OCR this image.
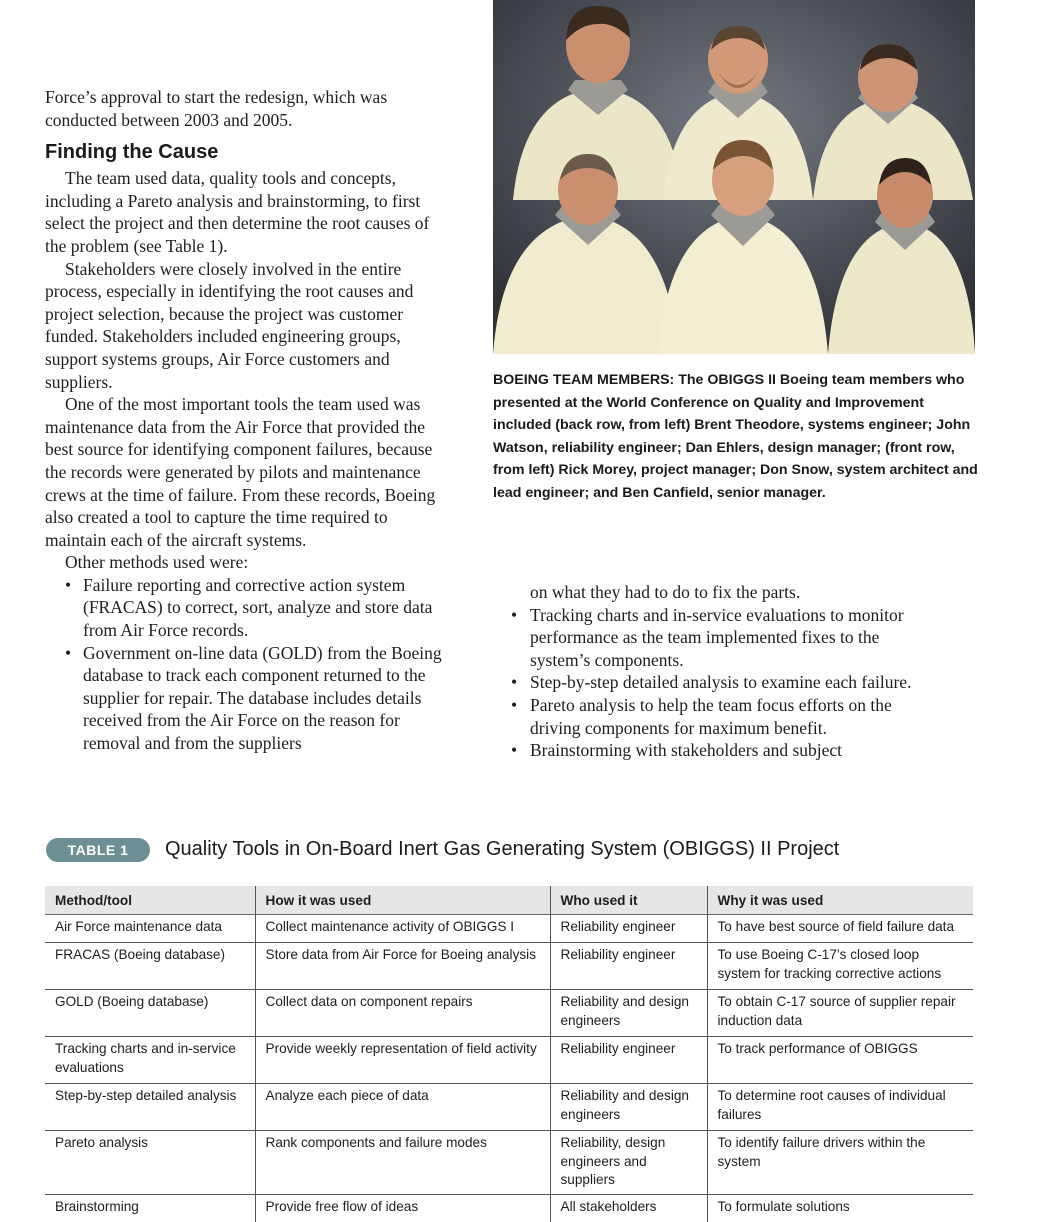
Force’s approval to start the redesign, which was conducted between 2003 and 2005.

Finding the Cause

The team used data, quality tools and concepts, including a Pareto analysis and brainstorming, to first select the project and then determine the root causes of the problem (see Table 1).

Stakeholders were closely involved in the entire process, especially in identifying the root causes and project selection, because the project was customer funded. Stakeholders included engineering groups, support systems groups, Air Force customers and suppliers.

One of the most important tools the team used was maintenance data from the Air Force that provided the best source for identifying component failures, because the records were generated by pilots and maintenance crews at the time of failure. From these records, Boeing also created a tool to capture the time required to maintain each of the aircraft systems.

Other methods used were:

• Failure reporting and corrective action system (FRACAS) to correct, sort, analyze and store data from Air Force records.
• Government on-line data (GOLD) from the Boeing database to track each component returned to the supplier for repair. The database includes details received from the Air Force on the reason for removal and from the suppliers
BOEING TEAM MEMBERS: The OBIGGS II Boeing team members who presented at the World Conference on Quality and Improvement included (back row, from left) Brent Theodore, systems engineer; John Watson, reliability engineer; Dan Ehlers, design manager; (front row, from left) Rick Morey, project manager; Don Snow, system architect and lead engineer; and Ben Canfield, senior manager.

on what they had to do to fix the parts.

• Tracking charts and in-service evaluations to monitor performance as the team implemented fixes to the system’s components.
• Step-by-step detailed analysis to examine each failure.
• Pareto analysis to help the team focus efforts on the driving components for maximum benefit.
• Brainstorming with stakeholders and subject
TABLE 1	Quality Tools in On-Board Inert Gas Generating System (OBIGGS) II Project
Method/tool	How it was used	Who used it	Why it was used
Air Force maintenance data	Collect maintenance activity of OBIGGS I	Reliability engineer	To have best source of field failure data
FRACAS (Boeing database)	Store data from Air Force for Boeing analysis	Reliability engineer	To use Boeing C-17’s closed loop system for tracking corrective actions
GOLD (Boeing database)	Collect data on component repairs	Reliability and design engineers	To obtain C-17 source of supplier repair induction data
Tracking charts and in-service evaluations	Provide weekly representation of field activity	Reliability engineer	To track performance of OBIGGS
Step-by-step detailed analysis	Analyze each piece of data	Reliability and design engineers	To determine root causes of individual failures
Pareto analysis	Rank components and failure modes	Reliability, design engineers and suppliers	To identify failure drivers within the system
Brainstorming	Provide free flow of ideas	All stakeholders	To formulate solutions
